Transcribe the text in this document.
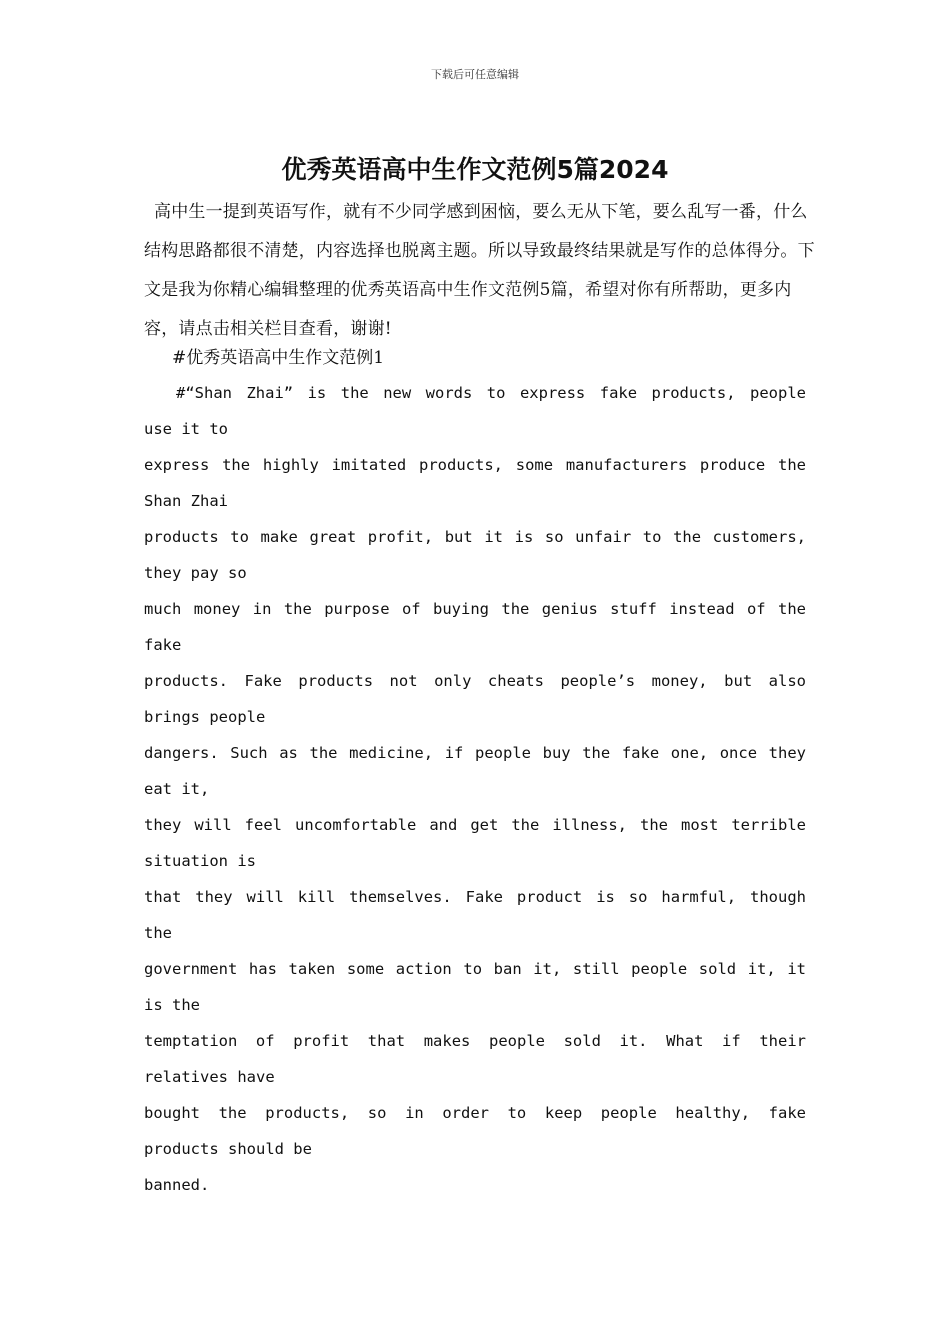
下载后可任意编辑
优秀英语高中生作文范例5篇2024

高中生一提到英语写作，就有不少同学感到困恼，要么无从下笔，要么乱写一番，什么结构思路都很不清楚，内容选择也脱离主题。所以导致最终结果就是写作的总体得分。下文是我为你精心编辑整理的优秀英语高中生作文范例5篇，希望对你有所帮助，更多内容，请点击相关栏目查看，谢谢!

#优秀英语高中生作文范例1

#“Shan Zhai” is the new words to express fake products, people
use it to
express the highly imitated products, some manufacturers produce the
Shan Zhai
products to make great profit, but it is so unfair to the customers,
they pay so
much money in the purpose of buying the genius stuff instead of the
fake
products. Fake products not only cheats people’s money, but also
brings people
dangers. Such as the medicine, if people buy the fake one, once they
eat it,
they will feel uncomfortable and get the illness, the most terrible
situation is
that they will kill themselves. Fake product is so harmful, though
the
government has taken some action to ban it, still people sold it, it
is the
temptation of profit that makes people sold it. What if their
relatives have
bought the products, so in order to keep people healthy, fake
products should be
banned.
